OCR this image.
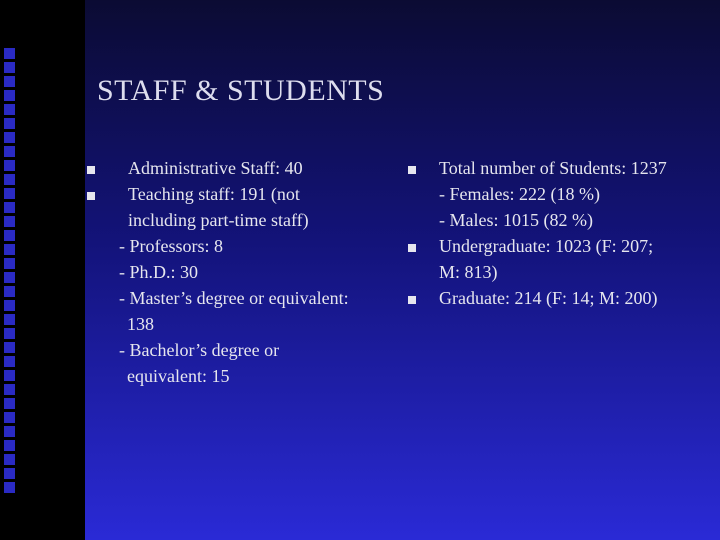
STAFF & STUDENTS
Administrative Staff: 40
Teaching staff: 191 (not
including part-time staff)
- Professors: 8
- Ph.D.: 30
- Master’s degree or equivalent:
138
- Bachelor’s degree or
equivalent: 15
Total number of Students: 1237
- Females: 222 (18 %)
- Males: 1015 (82 %)
Undergraduate: 1023 (F: 207;
M: 813)
Graduate: 214 (F: 14; M: 200)
